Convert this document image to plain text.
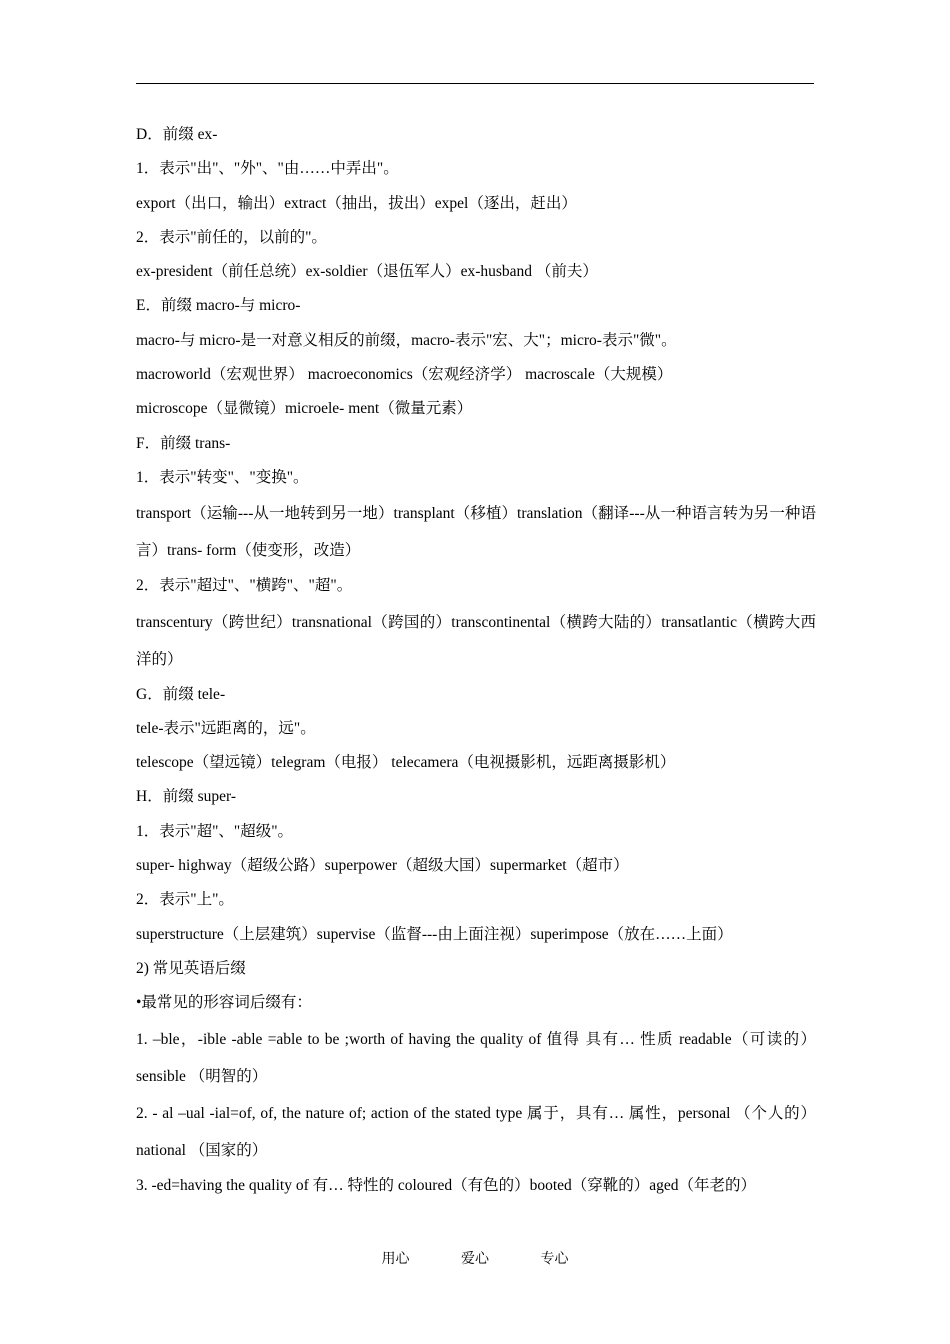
D．前缀 ex-
1．表示"出"、"外"、"由……中弄出"。
export（出口，输出）extract（抽出，拔出）expel（逐出，赶出）
2．表示"前任的，以前的"。
ex-president（前任总统）ex-soldier（退伍军人）ex-husband （前夫）
E．前缀 macro-与 micro-
macro-与 micro-是一对意义相反的前缀，macro-表示"宏、大"；micro-表示"微"。
macroworld（宏观世界） macroeconomics（宏观经济学） macroscale（大规模）
microscope（显微镜）microele- ment（微量元素）
F．前缀 trans-
1．表示"转变"、"变换"。
transport（运输---从一地转到另一地）transplant（移植）translation（翻译---从一种语言转为另一种语言）trans- form（使变形，改造）
2．表示"超过"、"横跨"、"超"。
transcentury（跨世纪）transnational（跨国的）transcontinental（横跨大陆的）transatlantic（横跨大西洋的）
G．前缀 tele-
tele-表示"远距离的，远"。
telescope（望远镜）telegram（电报） telecamera（电视摄影机，远距离摄影机）
H．前缀 super-
1．表示"超"、"超级"。
super- highway（超级公路）superpower（超级大国）supermarket（超市）
2．表示"上"。
superstructure（上层建筑）supervise（监督---由上面注视）superimpose（放在……上面）
2) 常见英语后缀
•最常见的形容词后缀有：
1. –ble，-ible -able =able to be ;worth of having the quality of 值得 具有… 性质 readable（可读的）sensible （明智的）
2. - al –ual -ial=of, of, the nature of; action of the stated type 属于，具有… 属性，personal （个人的）national （国家的）
3. -ed=having the quality of 有… 特性的 coloured（有色的）booted（穿靴的）aged（年老的）
用心	爱心	专心
